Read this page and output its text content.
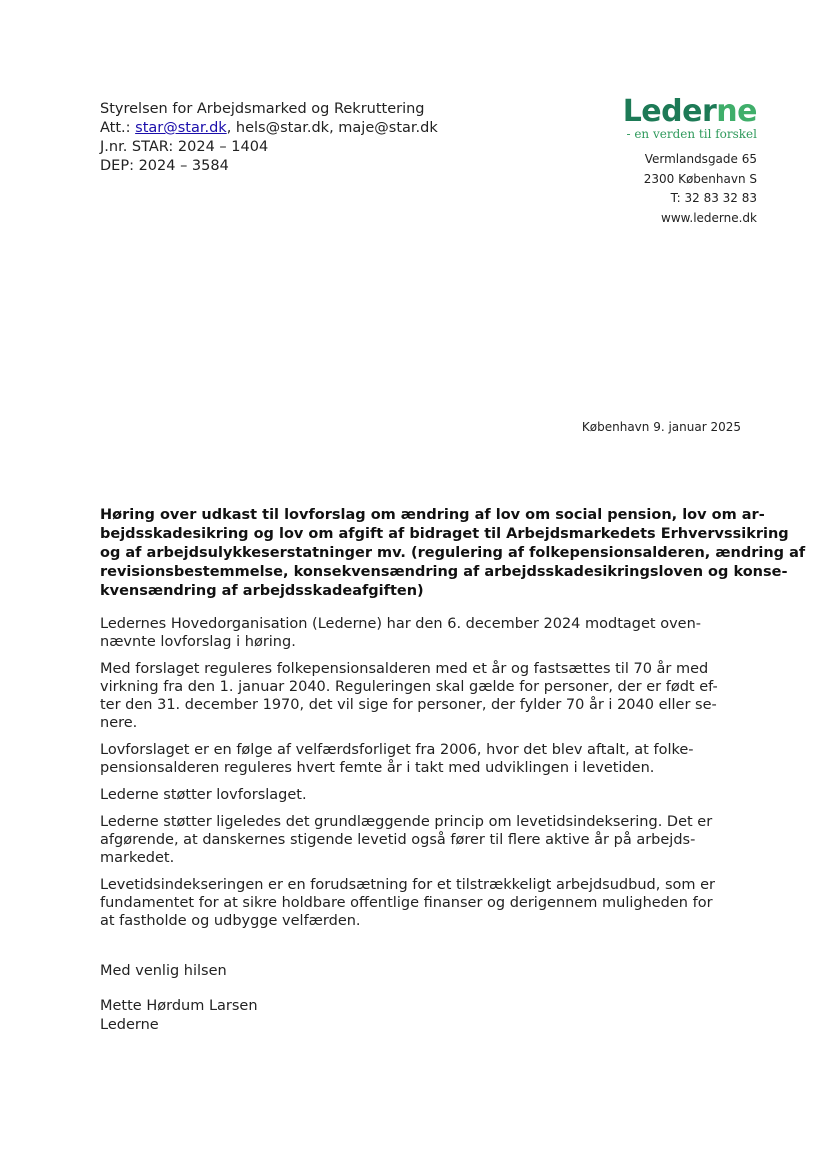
Styrelsen for Arbejdsmarked og Rekruttering
Att.: star@star.dk, hels@star.dk, maje@star.dk
J.nr. STAR: 2024 – 1404
DEP: 2024 – 3584
Lederne
- en verden til forskel
Vermlandsgade 65
2300 København S
T: 32 83 32 83
www.lederne.dk
København 9. januar 2025
Høring over udkast til lovforslag om ændring af lov om social pension, lov om ar-
bejdsskadesikring og lov om afgift af bidraget til Arbejdsmarkedets Erhvervssikring
og af arbejdsulykkeserstatninger mv. (regulering af folkepensionsalderen, ændring af
revisionsbestemmelse, konsekvensændring af arbejdsskadesikringsloven og konse-
kvensændring af arbejdsskadeafgiften)

Ledernes Hovedorganisation (Lederne) har den 6. december 2024 modtaget oven-
nævnte lovforslag i høring.

Med forslaget reguleres folkepensionsalderen med et år og fastsættes til 70 år med
virkning fra den 1. januar 2040. Reguleringen skal gælde for personer, der er født ef-
ter den 31. december 1970, det vil sige for personer, der fylder 70 år i 2040 eller se-
nere.

Lovforslaget er en følge af velfærdsforliget fra 2006, hvor det blev aftalt, at folke-
pensionsalderen reguleres hvert femte år i takt med udviklingen i levetiden.

Lederne støtter lovforslaget.

Lederne støtter ligeledes det grundlæggende princip om levetidsindeksering. Det er
afgørende, at danskernes stigende levetid også fører til flere aktive år på arbejds-
markedet.

Levetidsindekseringen er en forudsætning for et tilstrækkeligt arbejdsudbud, som er
fundamentet for at sikre holdbare offentlige finanser og derigennem muligheden for
at fastholde og udbygge velfærden.

Med venlig hilsen
Mette Hørdum Larsen
Lederne
